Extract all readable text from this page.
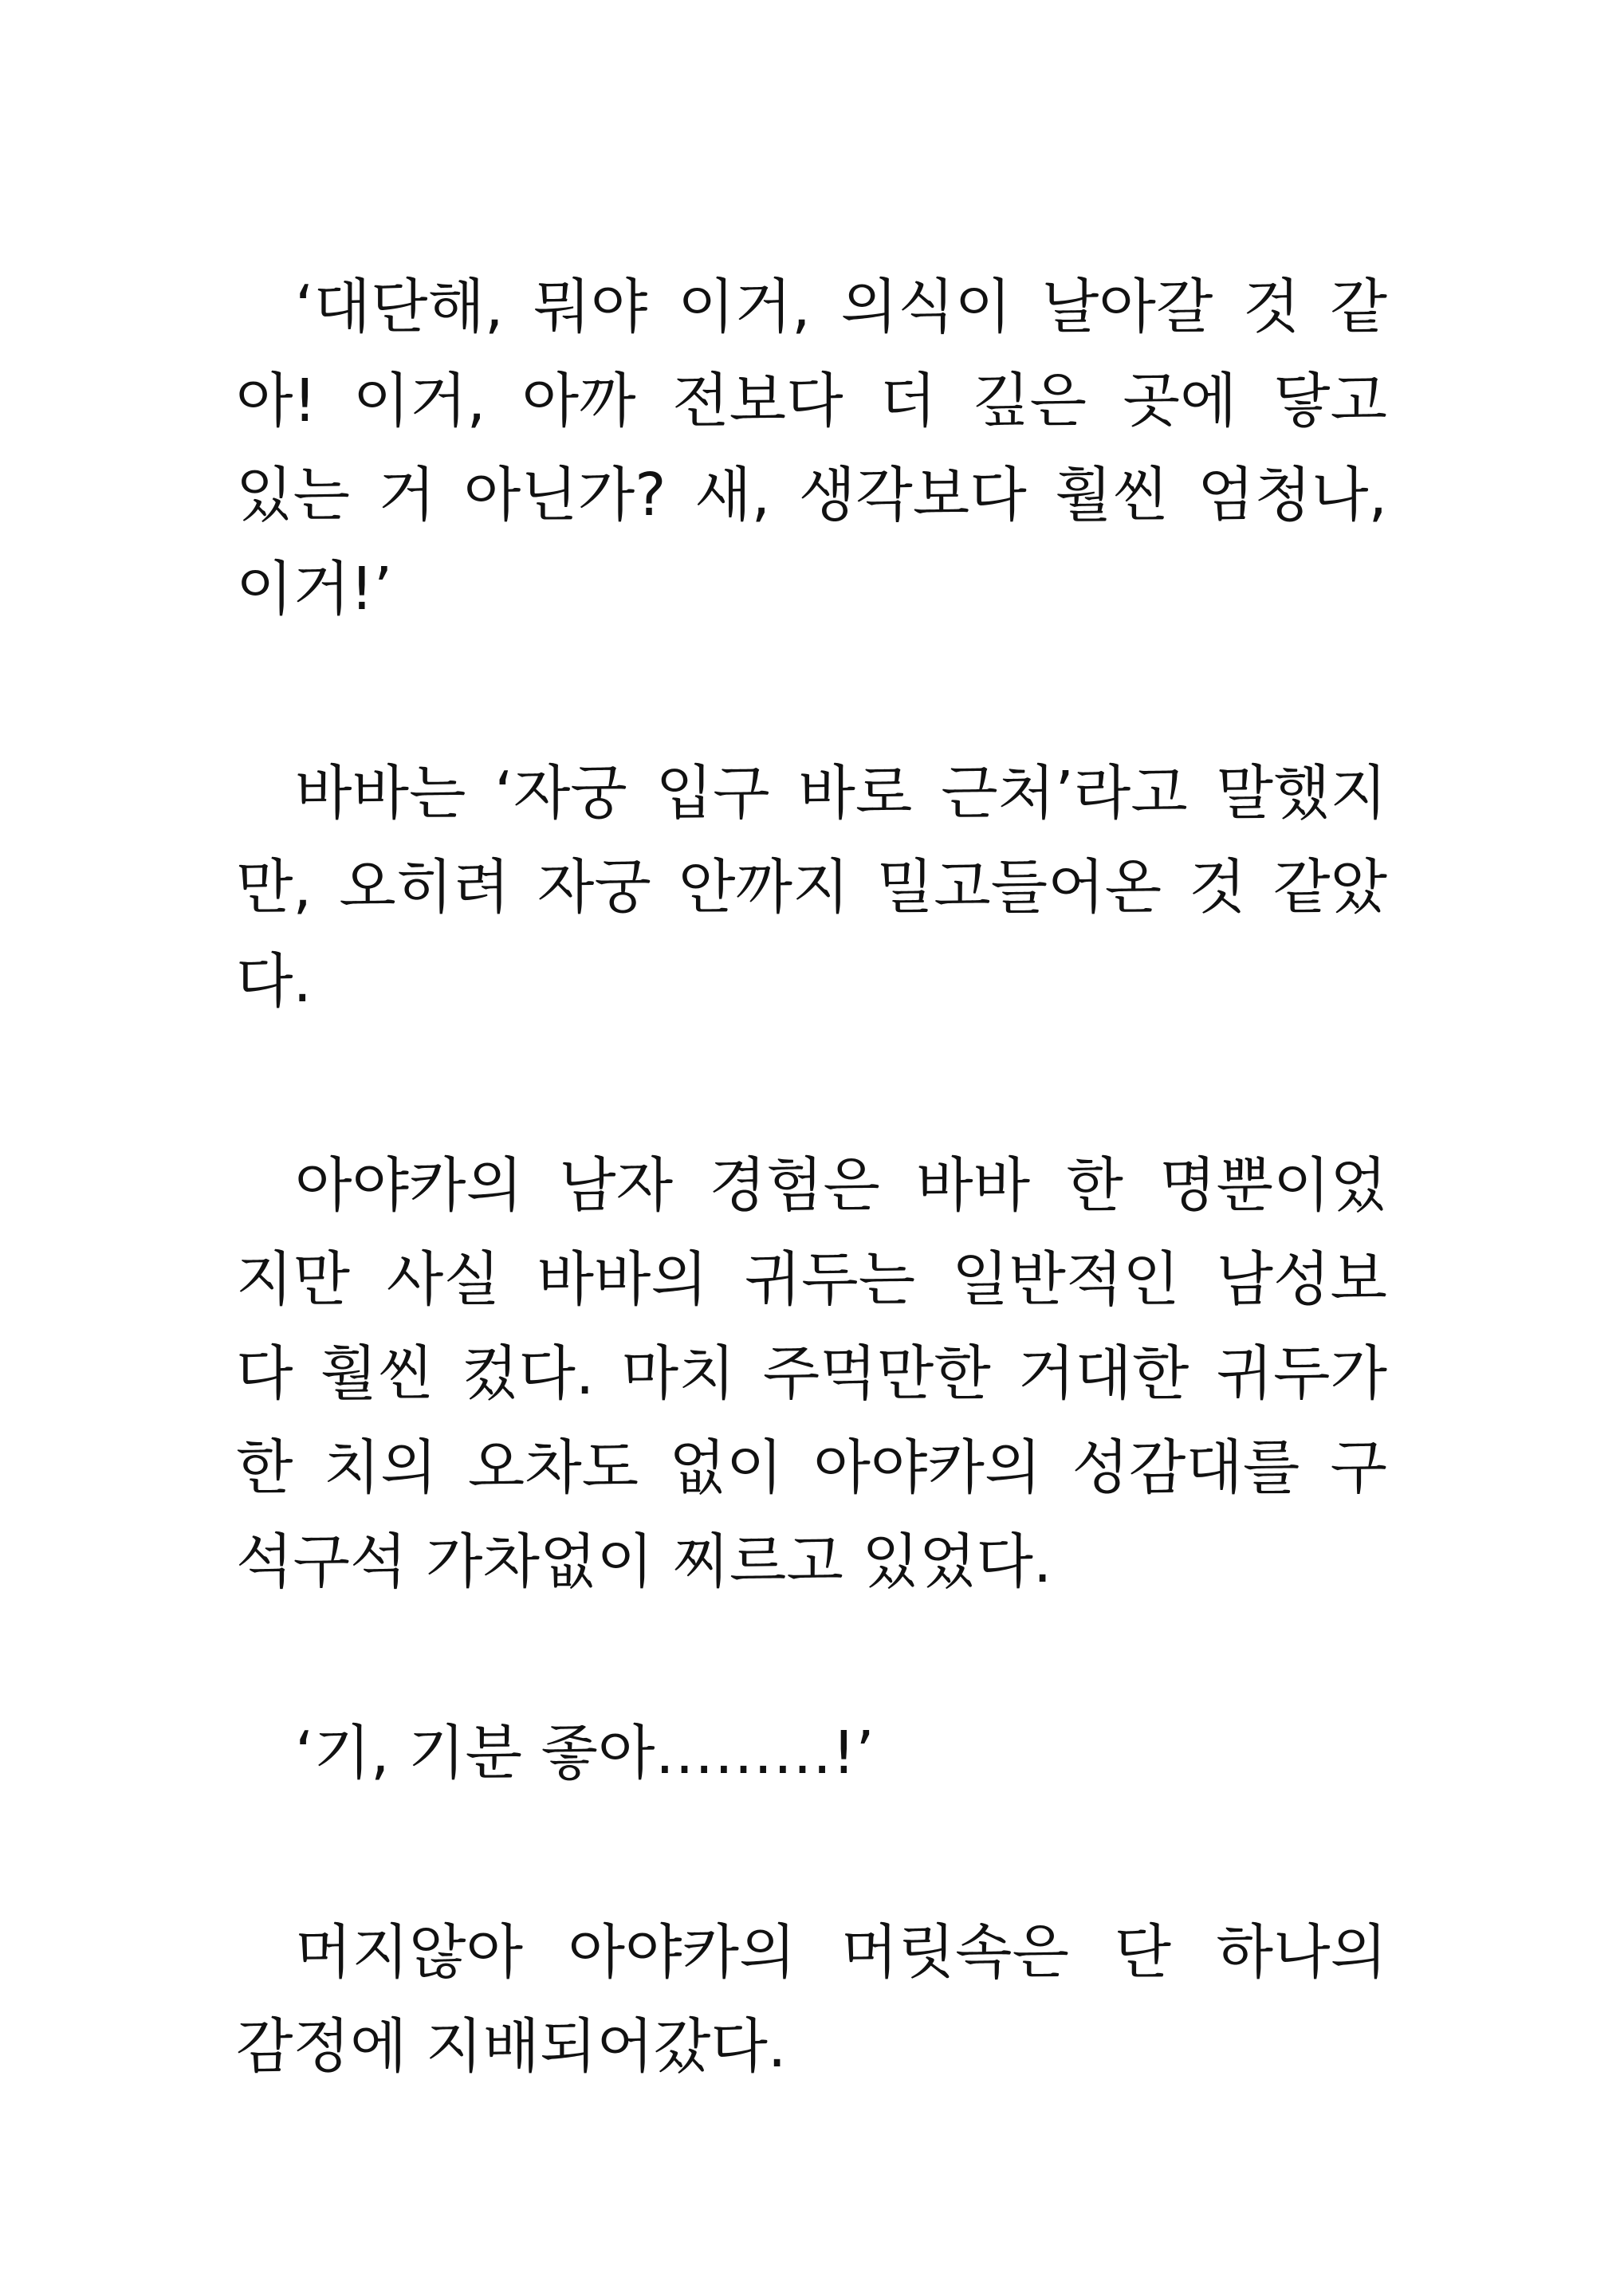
‘대단해, 뭐야 이거, 의식이 날아갈 것 같
아! 이거, 아까 전보다 더 깊은 곳에 닿고
있는 거 아닌가? 새, 생각보다 훨씬 엄청나,
이거!’

바바는 ‘자궁 입구 바로 근처’라고 말했지
만, 오히려 자궁 안까지 밀고들어온 것 같았
다.

아야카의 남자 경험은 바바 한 명뿐이었
지만 사실 바바의 귀두는 일반적인 남성보
다 훨씬 컸다. 마치 주먹만한 거대한 귀두가
한 치의 오차도 없이 아야카의 성감대를 구
석구석 가차없이 찌르고 있었다.

‘기, 기분 좋아………!’

머지않아 아야카의 머릿속은 단 하나의
감정에 지배되어갔다.
